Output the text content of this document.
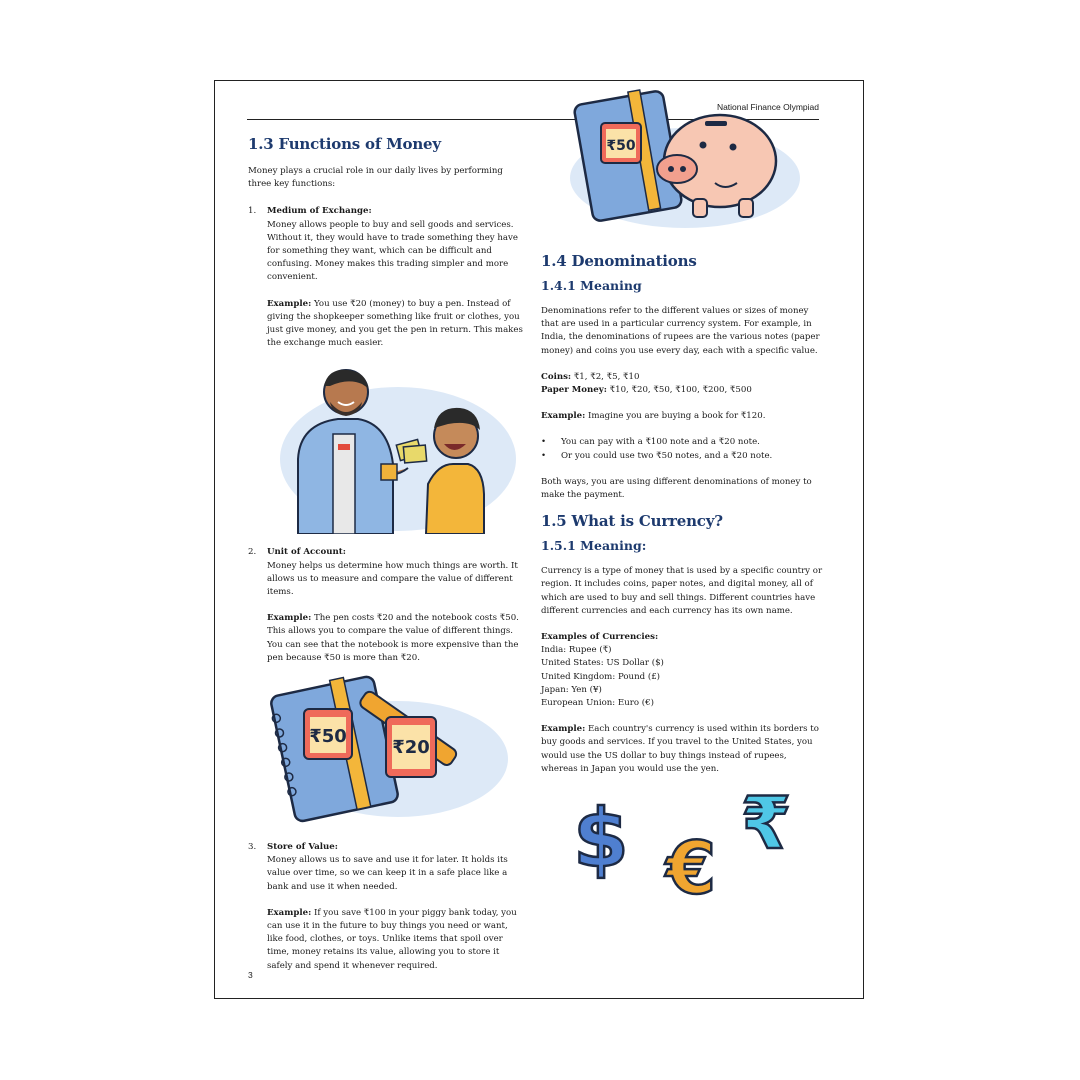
National Finance Olympiad
1.3 Functions of Money

Money plays a crucial role in our daily lives by performing three key functions:

1.	Medium of Exchange:

Money allows people to buy and sell goods and services. Without it, they would have to trade something they have for something they want, which can be difficult and confusing. Money makes this trading simpler and more convenient.

Example: You use ₹20 (money) to buy a pen. Instead of giving the shopkeeper something like fruit or clothes, you just give money, and you get the pen in return. This makes the exchange much easier.

2.	Unit of Account:

Money helps us determine how much things are worth. It allows us to measure and compare the value of different items.

Example: The pen costs ₹20 and the notebook costs ₹50. This allows you to compare the value of different things. You can see that the notebook is more expensive than the pen because ₹50 is more than ₹20.

₹50
₹20
3.	Store of Value:

Money allows us to save and use it for later. It holds its value over time, so we can keep it in a safe place like a bank and use it when needed.

Example: If you save ₹100 in your piggy bank today, you can use it in the future to buy things you need or want, like food, clothes, or toys. Unlike items that spoil over time, money retains its value, allowing you to store it safely and spend it whenever required.

₹50
1.4 Denominations
1.4.1 Meaning

Denominations refer to the different values or sizes of money that are used in a particular currency system. For example, in India, the denominations of rupees are the various notes (paper money) and coins you use every day, each with a specific value.

Coins: ₹1, ₹2, ₹5, ₹10

Paper Money: ₹10, ₹20, ₹50, ₹100, ₹200, ₹500

Example: Imagine you are buying a book for ₹120.

•	You can pay with a ₹100 note and a ₹20 note.
•	Or you could use two ₹50 notes, and a ₹20 note.

Both ways, you are using different denominations of money to make the payment.

1.5 What is Currency?
1.5.1 Meaning:

Currency is a type of money that is used by a specific country or region. It includes coins, paper notes, and digital money, all of which are used to buy and sell things. Different countries have different currencies and each currency has its own name.

Examples of Currencies:

India: Rupee (₹)

United States: US Dollar ($)

United Kingdom: Pound (£)

Japan: Yen (¥)

European Union: Euro (€)

Example: Each country's currency is used within its borders to buy goods and services. If you travel to the United States, you would use the US dollar to buy things instead of rupees, whereas in Japan you would use the yen.

$ €
₹
3
